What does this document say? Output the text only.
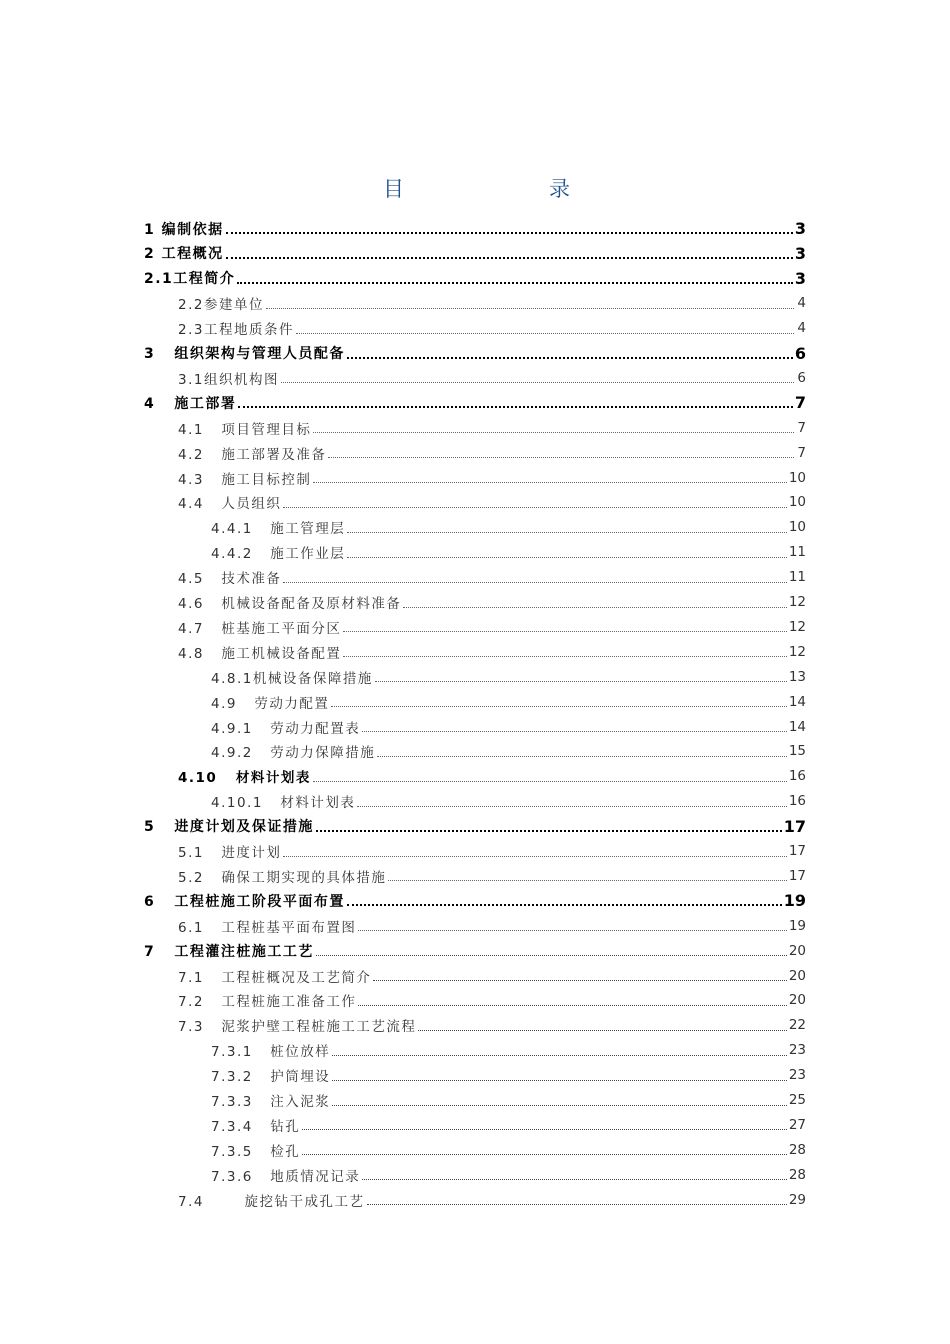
目	录
1 编制依据	3
2 工程概况	3
2.1工程简介	3
2.2参建单位	4
2.3工程地质条件	4
3   组织架构与管理人员配备	6
3.1组织机构图	6
4   施工部署	7
4.1   项目管理目标	7
4.2   施工部署及准备	7
4.3   施工目标控制	10
4.4   人员组织	10
4.4.1   施工管理层	10
4.4.2   施工作业层	11
4.5   技术准备	11
4.6   机械设备配备及原材料准备	12
4.7   桩基施工平面分区	12
4.8   施工机械设备配置	12
4.8.1机械设备保障措施	13
4.9   劳动力配置	14
4.9.1   劳动力配置表	14
4.9.2   劳动力保障措施	15
4.10   材料计划表	16
4.10.1   材料计划表	16
5   进度计划及保证措施	17
5.1   进度计划	17
5.2   确保工期实现的具体措施	17
6   工程桩施工阶段平面布置	19
6.1   工程桩基平面布置图	19
7   工程灌注桩施工工艺	20
7.1   工程桩概况及工艺简介	20
7.2   工程桩施工准备工作	20
7.3   泥浆护壁工程桩施工工艺流程	22
7.3.1   桩位放样	23
7.3.2   护筒埋设	23
7.3.3   注入泥浆	25
7.3.4   钻孔	27
7.3.5   检孔	28
7.3.6   地质情况记录	28
7.4       旋挖钻干成孔工艺	29
